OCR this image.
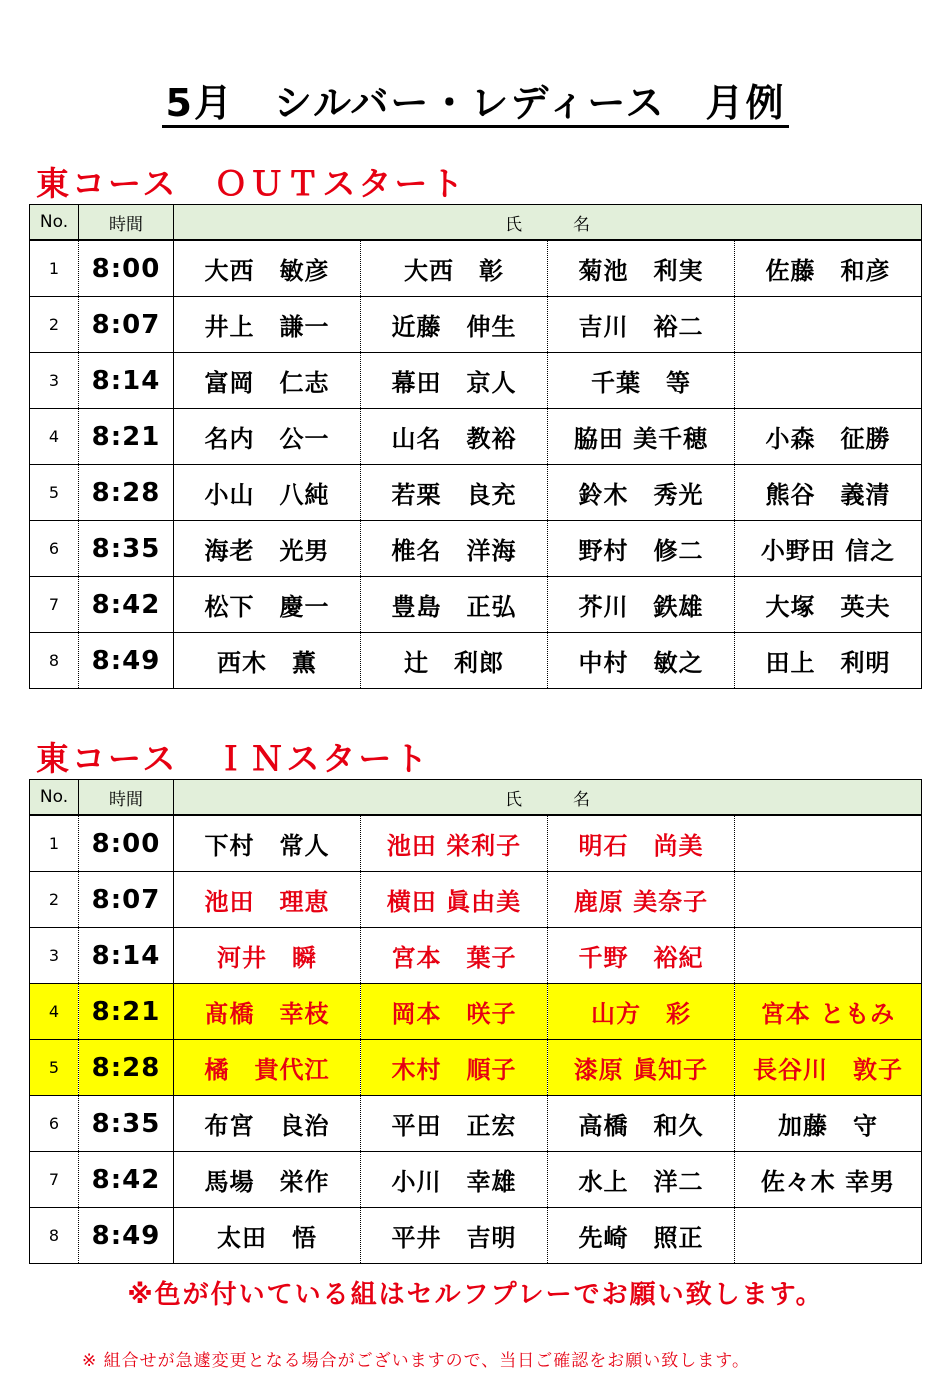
5月　シルバー・レディース　月例
東コース　ＯＵＴスタート
No.	時間	氏　　　名			
1	8:00	大西　敏彦	大西　彰	菊池　利実	佐藤　和彦
2	8:07	井上　謙一	近藤　伸生	吉川　裕二	
3	8:14	富岡　仁志	幕田　京人	千葉　等	
4	8:21	名内　公一	山名　教裕	脇田 美千穂	小森　征勝
5	8:28	小山　八純	若栗　良充	鈴木　秀光	熊谷　義清
6	8:35	海老　光男	椎名　洋海	野村　修二	小野田 信之
7	8:42	松下　慶一	豊島　正弘	芥川　鉄雄	大塚　英夫
8	8:49	西木　薫	辻　利郎	中村　敏之	田上　利明
東コース　ＩＮスタート
No.	時間	氏　　　名			
1	8:00	下村　常人	池田 栄利子	明石　尚美	
2	8:07	池田　理恵	横田 眞由美	鹿原 美奈子	
3	8:14	河井　瞬	宮本　葉子	千野　裕紀	
4	8:21	髙橋　幸枝	岡本　咲子	山方　彩	宮本 ともみ
5	8:28	橘　貴代江	木村　順子	漆原 眞知子	長谷川　敦子
6	8:35	布宮　良治	平田　正宏	高橋　和久	加藤　守
7	8:42	馬場　栄作	小川　幸雄	水上　洋二	佐々木 幸男
8	8:49	太田　悟	平井　吉明	先崎　照正	
※色が付いている組はセルフプレーでお願い致します。
※ 組合せが急遽変更となる場合がございますので、当日ご確認をお願い致します。
